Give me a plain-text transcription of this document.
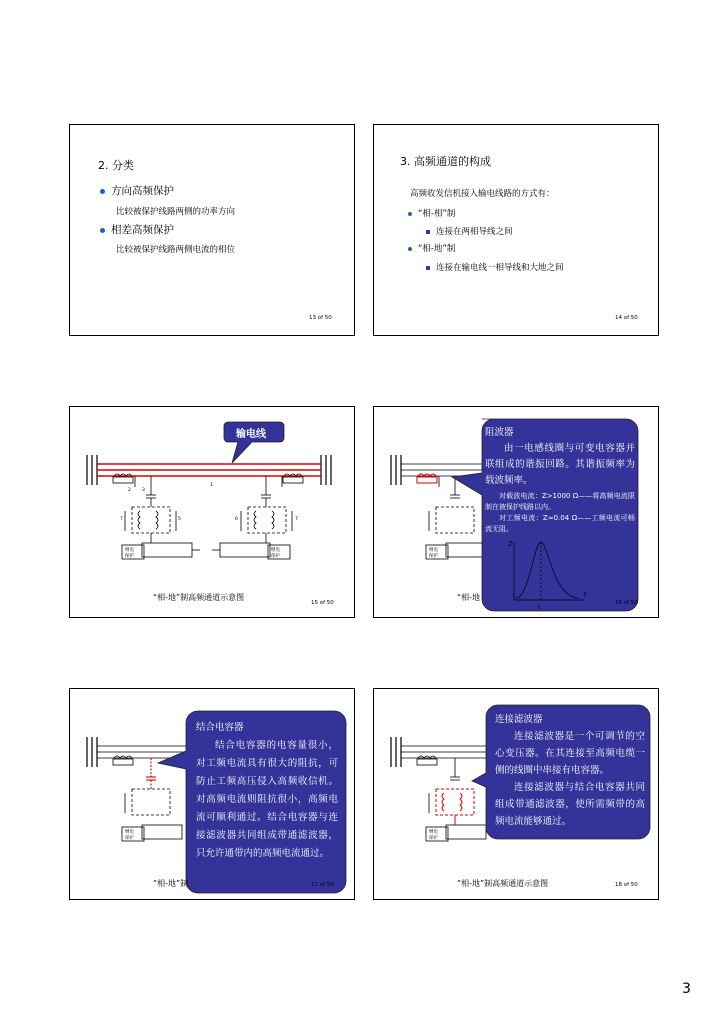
2. 分类
方向高频保护
比较被保护线路两侧的功率方向
相差高频保护
比较被保护线路两侧电流的相位
13 of 50
3. 高频通道的构成
高频收发信机接入输电线路的方式有：
“相-相”制
连接在两相导线之间
“相-地”制
连接在输电线一相导线和大地之间
14 of 50
2 3
1
7	5	6	7
继电
保护
继电
保护
输电线
“相-地”制高频通道示意图
15 of 50
继电
保护
阻波器

由一电感线圈与可变电容器并联组成的谐振回路。其谐振频率为载波频率。

对载波电流：Z>1000 Ω——将高频电流限制在被保护线路以内。

对工频电流：Z≈0.04 Ω——工频电流可畅流无阻。

Z
f
f₁
“相-地
16 of 50
继电
保护
结合电容器

结合电容器的电容量很小，对工频电流具有很大的阻抗，可防止工频高压侵入高频收信机。对高频电流则阻抗很小，高频电流可顺利通过。结合电容器与连接滤波器共同组成带通滤波器，只允许通带内的高频电流通过。

“相-地”制	17 of 50
继电
保护
连接滤波器

连接滤波器是一个可调节的空心变压器。在其连接至高频电缆一侧的线圈中串接有电容器。

连接滤波器与结合电容器共同组成带通滤波器，使所需频带的高频电流能够通过。

“相-地”制高频通道示意图	18 of 50
3
